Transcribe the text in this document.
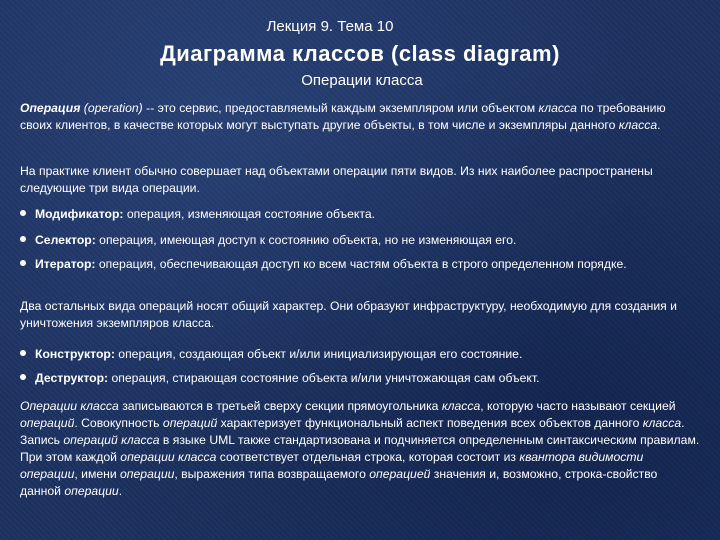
Лекция 9. Тема 10
Диаграмма классов (class diagram)
Операции класса
Операция (operation) -- это сервис, предоставляемый каждым экземпляром или объектом класса по требованию своих клиентов, в качестве которых могут выступать другие объекты, в том числе и экземпляры данного класса.
На практике клиент обычно совершает над объектами операции пяти видов. Из них наиболее распространены следующие три вида операции.
Модификатор: операция, изменяющая состояние объекта.
Селектор: операция, имеющая доступ к состоянию объекта, но не изменяющая его.
Итератор: операция, обеспечивающая доступ ко всем частям объекта в строго определенном порядке.
Два остальных вида операций носят общий характер. Они образуют инфраструктуру, необходимую для создания и уничтожения экземпляров класса.
Конструктор: операция, создающая объект и/или инициализирующая его состояние.
Деструктор: операция, стирающая состояние объекта и/или уничтожающая сам объект.
Операции класса записываются в третьей сверху секции прямоугольника класса, которую часто называют секцией операций. Совокупность операций характеризует функциональный аспект поведения всех объектов данного класса. Запись операций класса в языке UML также стандартизована и подчиняется определенным синтаксическим правилам. При этом каждой операции класса соответствует отдельная строка, которая состоит из квантора видимости операции, имени операции, выражения типа возвращаемого операцией значения и, возможно, строка-свойство данной операции.
